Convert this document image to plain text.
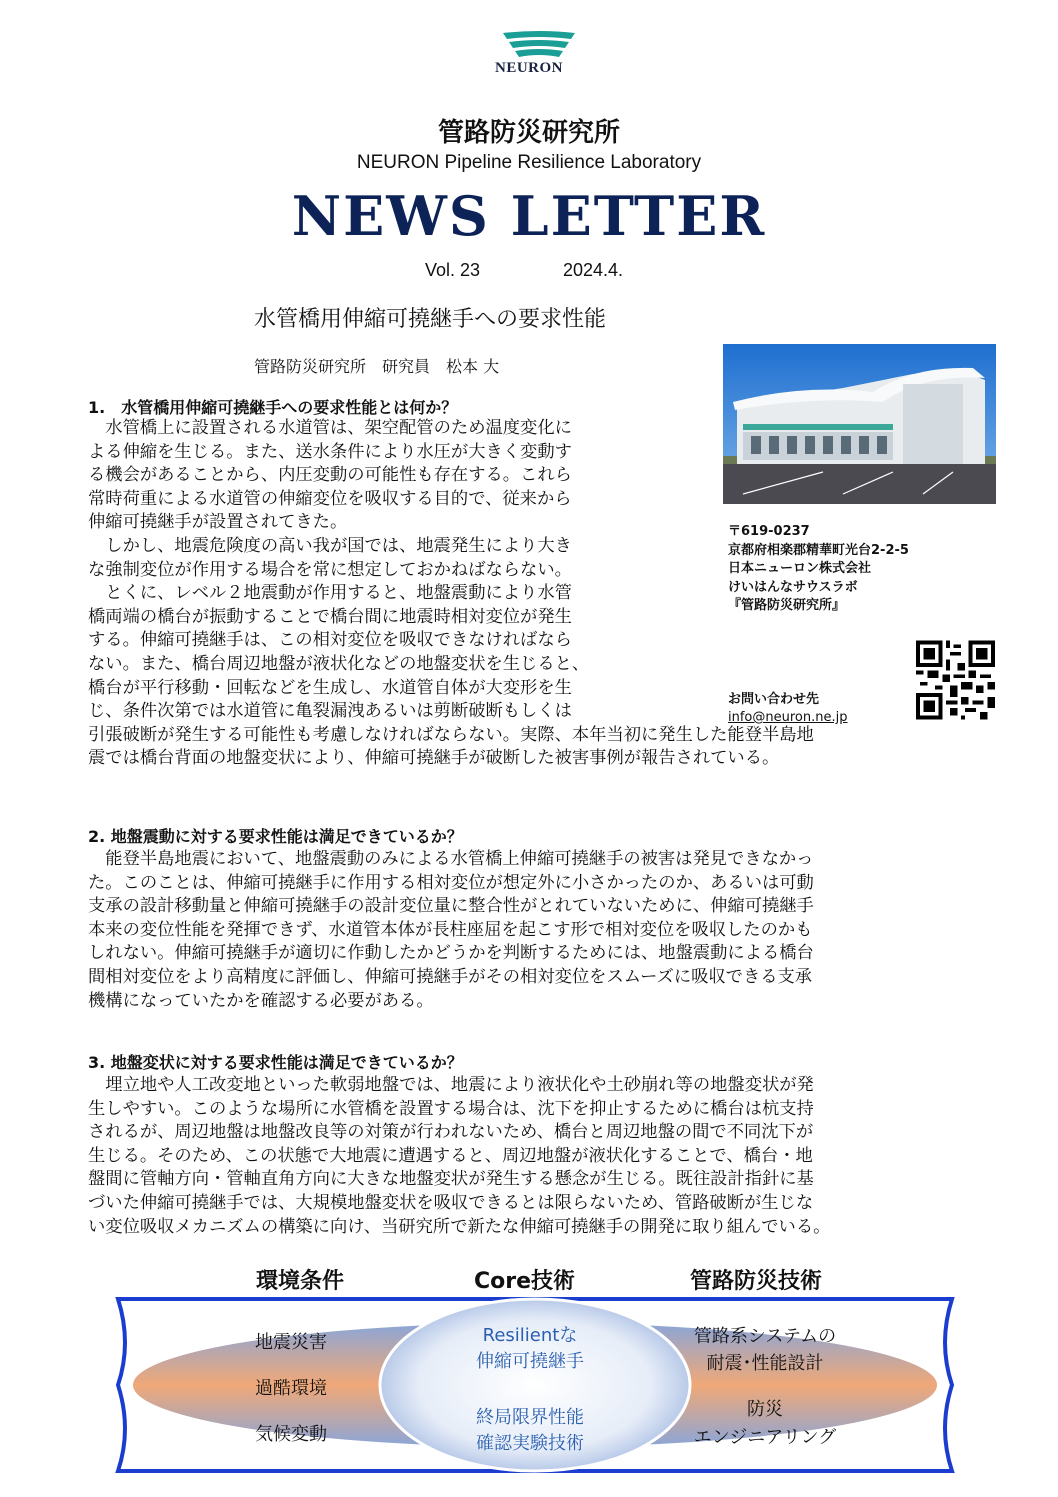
NEURON
管路防災研究所
NEURON Pipeline Resilience Laboratory
NEWS LETTER
Vol. 23	2024.4.
水管橋用伸縮可撓継手への要求性能
管路防災研究所　研究員　松本 大
〒619-0237
京都府相楽郡精華町光台2-2-5
日本ニューロン株式会社
けいはんなサウスラボ
『管路防災研究所』
お問い合わせ先
info@neuron.ne.jp
1.　水管橋用伸縮可撓継手への要求性能とは何か？
　水管橋上に設置される水道管は、架空配管のため温度変化に
よる伸縮を生じる。また、送水条件により水圧が大きく変動す
る機会があることから、内圧変動の可能性も存在する。これら
常時荷重による水道管の伸縮変位を吸収する目的で、従来から
伸縮可撓継手が設置されてきた。
　しかし、地震危険度の高い我が国では、地震発生により大き
な強制変位が作用する場合を常に想定しておかねばならない。
　とくに、レベル２地震動が作用すると、地盤震動により水管
橋両端の橋台が振動することで橋台間に地震時相対変位が発生
する。伸縮可撓継手は、この相対変位を吸収できなければなら
ない。また、橋台周辺地盤が液状化などの地盤変状を生じると、
橋台が平行移動・回転などを生成し、水道管自体が大変形を生
じ、条件次第では水道管に亀裂漏洩あるいは剪断破断もしくは
引張破断が発生する可能性も考慮しなければならない。実際、本年当初に発生した能登半島地
震では橋台背面の地盤変状により、伸縮可撓継手が破断した被害事例が報告されている。
2. 地盤震動に対する要求性能は満足できているか？
　能登半島地震において、地盤震動のみによる水管橋上伸縮可撓継手の被害は発見できなかっ
た。このことは、伸縮可撓継手に作用する相対変位が想定外に小さかったのか、あるいは可動
支承の設計移動量と伸縮可撓継手の設計変位量に整合性がとれていないために、伸縮可撓継手
本来の変位性能を発揮できず、水道管本体が長柱座屈を起こす形で相対変位を吸収したのかも
しれない。伸縮可撓継手が適切に作動したかどうかを判断するためには、地盤震動による橋台
間相対変位をより高精度に評価し、伸縮可撓継手がその相対変位をスムーズに吸収できる支承
機構になっていたかを確認する必要がある。
3. 地盤変状に対する要求性能は満足できているか？
　埋立地や人工改変地といった軟弱地盤では、地震により液状化や土砂崩れ等の地盤変状が発
生しやすい。このような場所に水管橋を設置する場合は、沈下を抑止するために橋台は杭支持
されるが、周辺地盤は地盤改良等の対策が行われないため、橋台と周辺地盤の間で不同沈下が
生じる。そのため、この状態で大地震に遭遇すると、周辺地盤が液状化することで、橋台・地
盤間に管軸方向・管軸直角方向に大きな地盤変状が発生する懸念が生じる。既往設計指針に基
づいた伸縮可撓継手では、大規模地盤変状を吸収できるとは限らないため、管路破断が生じな
い変位吸収メカニズムの構築に向け、当研究所で新たな伸縮可撓継手の開発に取り組んでいる。
環境条件	Core技術	管路防災技術
地震災害
過酷環境
気候変動
Resilientな
伸縮可撓継手
終局限界性能
確認実験技術
管路系システムの
耐震･性能設計
防災
エンジニアリング
